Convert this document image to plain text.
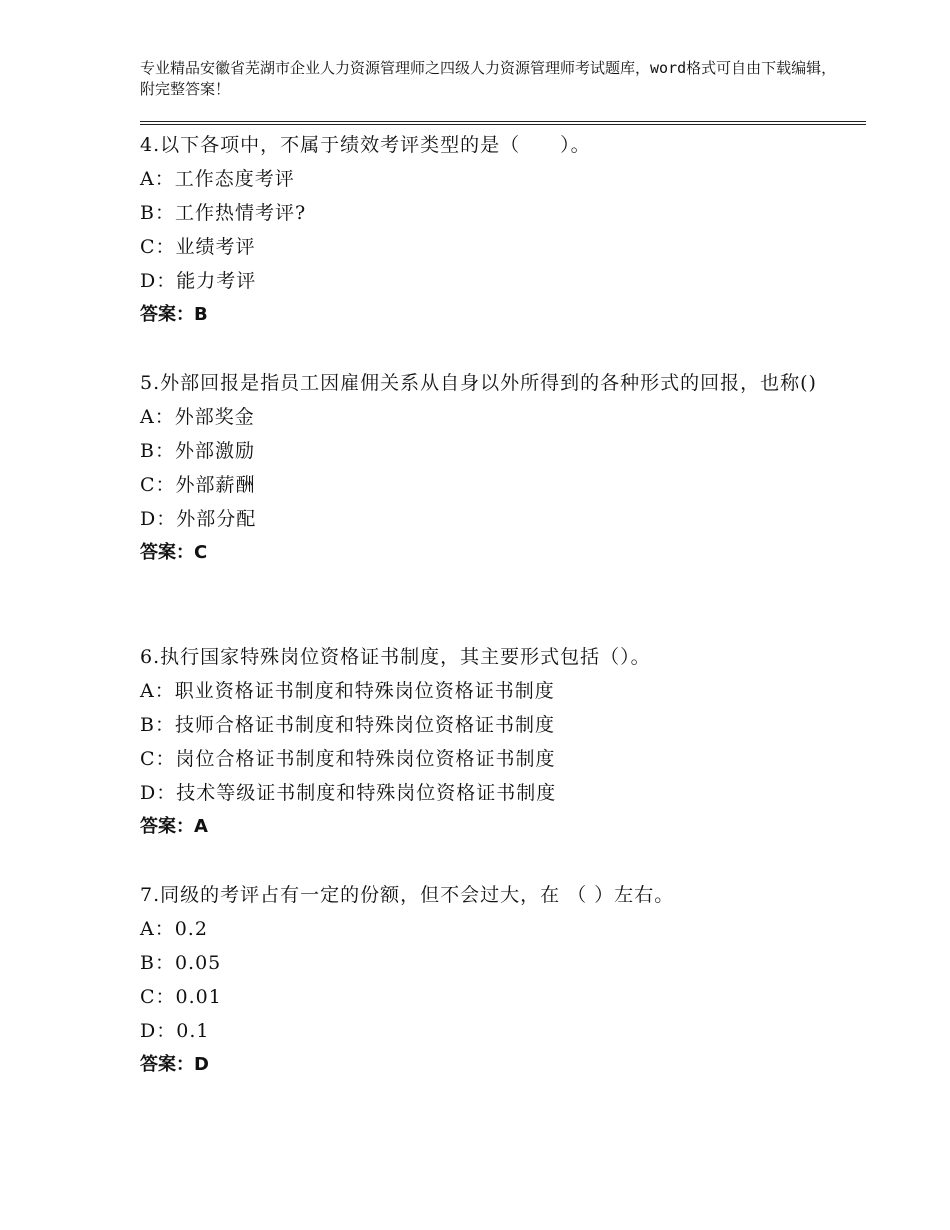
专业精品安徽省芜湖市企业人力资源管理师之四级人力资源管理师考试题库，word格式可自由下载编辑，附完整答案！

4.以下各项中，不属于绩效考评类型的是（　　）。

A：工作态度考评

B：工作热情考评?

C：业绩考评

D：能力考评

答案：B

5.外部回报是指员工因雇佣关系从自身以外所得到的各种形式的回报，也称()

A：外部奖金

B：外部激励

C：外部薪酬

D：外部分配

答案：C

6.执行国家特殊岗位资格证书制度，其主要形式包括（）。

A：职业资格证书制度和特殊岗位资格证书制度

B：技师合格证书制度和特殊岗位资格证书制度

C：岗位合格证书制度和特殊岗位资格证书制度

D：技术等级证书制度和特殊岗位资格证书制度

答案：A

7.同级的考评占有一定的份额，但不会过大，在 （ ）左右。

A：0.2

B：0.05

C：0.01

D：0.1

答案：D
